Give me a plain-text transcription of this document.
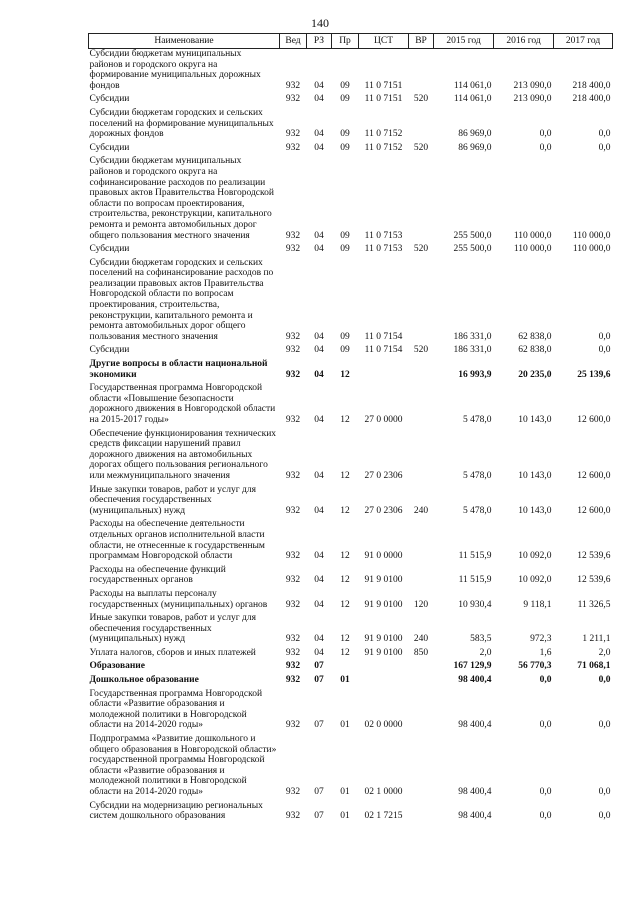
140
Наименование	Вед	РЗ	Пр	ЦСТ	ВР	2015 год	2016 год	2017 год
Субсидии бюджетам муниципальных районов и городского округа на формирование муниципальных дорожных фондов	932	04	09	11 0 7151		114 061,0	213 090,0	218 400,0
Субсидии	932	04	09	11 0 7151	520	114 061,0	213 090,0	218 400,0
Субсидии бюджетам городских и сельских поселений на формирование муниципальных дорожных фондов	932	04	09	11 0 7152		86 969,0	0,0	0,0
Субсидии	932	04	09	11 0 7152	520	86 969,0	0,0	0,0
Субсидии бюджетам муниципальных районов и городского округа на софинансирование расходов по реализации правовых актов Правительства Новгородской области по вопросам проектирования, строительства, реконструкции, капитального ремонта и ремонта автомобильных дорог общего пользования местного значения	932	04	09	11 0 7153		255 500,0	110 000,0	110 000,0
Субсидии	932	04	09	11 0 7153	520	255 500,0	110 000,0	110 000,0
Субсидии бюджетам городских и сельских поселений на софинансирование расходов по реализации правовых актов Правительства Новгородской области по вопросам проектирования, строительства, реконструкции, капитального ремонта и ремонта автомобильных дорог общего пользования местного значения	932	04	09	11 0 7154		186 331,0	62 838,0	0,0
Субсидии	932	04	09	11 0 7154	520	186 331,0	62 838,0	0,0
Другие вопросы в области национальной экономики	932	04	12			16 993,9	20 235,0	25 139,6
Государственная программа Новгородской области «Повышение безопасности дорожного движения в Новгородской области на 2015-2017 годы»	932	04	12	27 0 0000		5 478,0	10 143,0	12 600,0
Обеспечение функционирования технических средств фиксации нарушений правил дорожного движения на автомобильных дорогах общего пользования регионального или межмуниципального значения	932	04	12	27 0 2306		5 478,0	10 143,0	12 600,0
Иные закупки товаров, работ и услуг для обеспечения государственных (муниципальных) нужд	932	04	12	27 0 2306	240	5 478,0	10 143,0	12 600,0
Расходы на обеспечение деятельности отдельных органов исполнительной власти области, не отнесенные к государственным программам Новгородской области	932	04	12	91 0 0000		11 515,9	10 092,0	12 539,6
Расходы на обеспечение функций государственных органов	932	04	12	91 9 0100		11 515,9	10 092,0	12 539,6
Расходы на выплаты персоналу государственных (муниципальных) органов	932	04	12	91 9 0100	120	10 930,4	9 118,1	11 326,5
Иные закупки товаров, работ и услуг для обеспечения государственных (муниципальных) нужд	932	04	12	91 9 0100	240	583,5	972,3	1 211,1
Уплата налогов, сборов и иных платежей	932	04	12	91 9 0100	850	2,0	1,6	2,0
Образование	932	07				167 129,9	56 770,3	71 068,1
Дошкольное образование	932	07	01			98 400,4	0,0	0,0
Государственная программа Новгородской области «Развитие образования и молодежной политики в Новгородской области на 2014-2020 годы»	932	07	01	02 0 0000		98 400,4	0,0	0,0
Подпрограмма «Развитие дошкольного и общего образования в Новгородской области» государственной программы Новгородской области «Развитие образования и молодежной политики в Новгородской области на 2014-2020 годы»	932	07	01	02 1 0000		98 400,4	0,0	0,0
Субсидии на модернизацию региональных систем дошкольного образования	932	07	01	02 1 7215		98 400,4	0,0	0,0
